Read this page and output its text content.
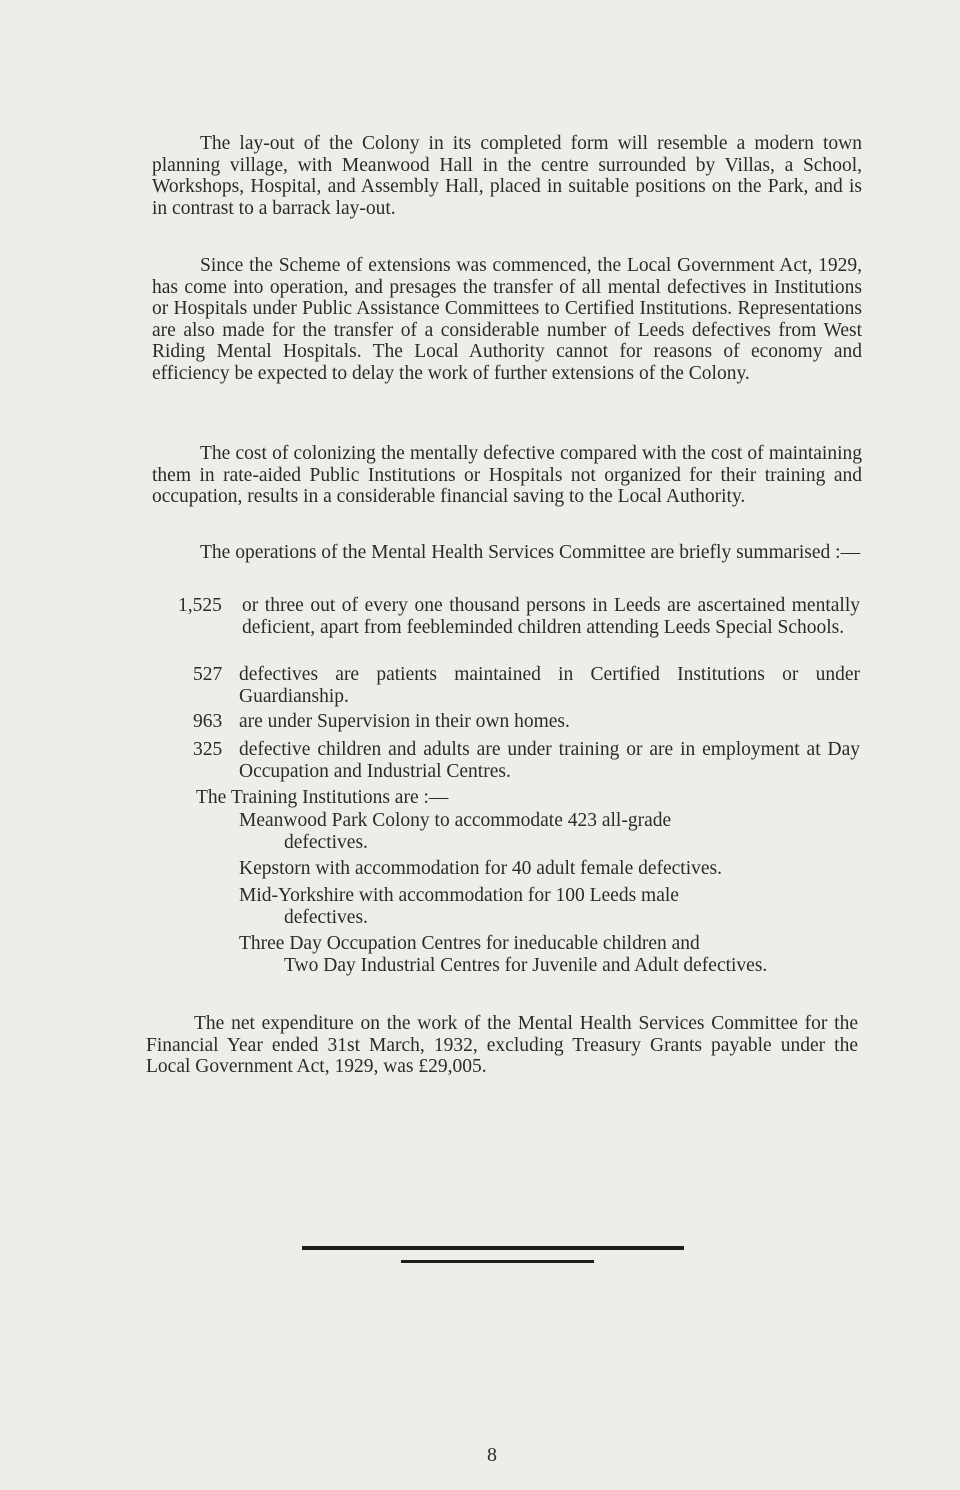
The lay-out of the Colony in its completed form will resemble a modern town planning village, with Meanwood Hall in the centre surrounded by Villas, a School, Workshops, Hospital, and Assembly Hall, placed in suitable positions on the Park, and is in contrast to a barrack lay-out.

Since the Scheme of extensions was commenced, the Local Government Act, 1929, has come into operation, and presages the transfer of all mental defectives in Institutions or Hospitals under Public Assistance Committees to Certified Institutions. Representations are also made for the transfer of a considerable number of Leeds defectives from West Riding Mental Hospitals. The Local Authority cannot for reasons of economy and efficiency be expected to delay the work of further extensions of the Colony.

The cost of colonizing the mentally defective compared with the cost of maintaining them in rate-aided Public Institutions or Hospitals not organized for their training and occupation, results in a considerable financial saving to the Local Authority.

The operations of the Mental Health Services Committee are briefly summarised :—

1,525	or three out of every one thousand persons in Leeds are ascertained mentally deficient, apart from feebleminded children attending Leeds Special Schools.
527 defectives are patients maintained in Certified Institutions or under Guardianship.
963 are under Supervision in their own homes.
325 defective children and adults are under training or are in employment at Day Occupation and Industrial Centres.
The Training Institutions are :—
Meanwood Park Colony to accommodate 423 all-grade
defectives.
Kepstorn with accommodation for 40 adult female defectives.
Mid-Yorkshire with accommodation for 100 Leeds male
defectives.
Three Day Occupation Centres for ineducable children and
Two Day Industrial Centres for Juvenile and Adult defectives.

The net expenditure on the work of the Mental Health Services Committee for the Financial Year ended 31st March, 1932, excluding Treasury Grants payable under the Local Government Act, 1929, was £29,005.

8
